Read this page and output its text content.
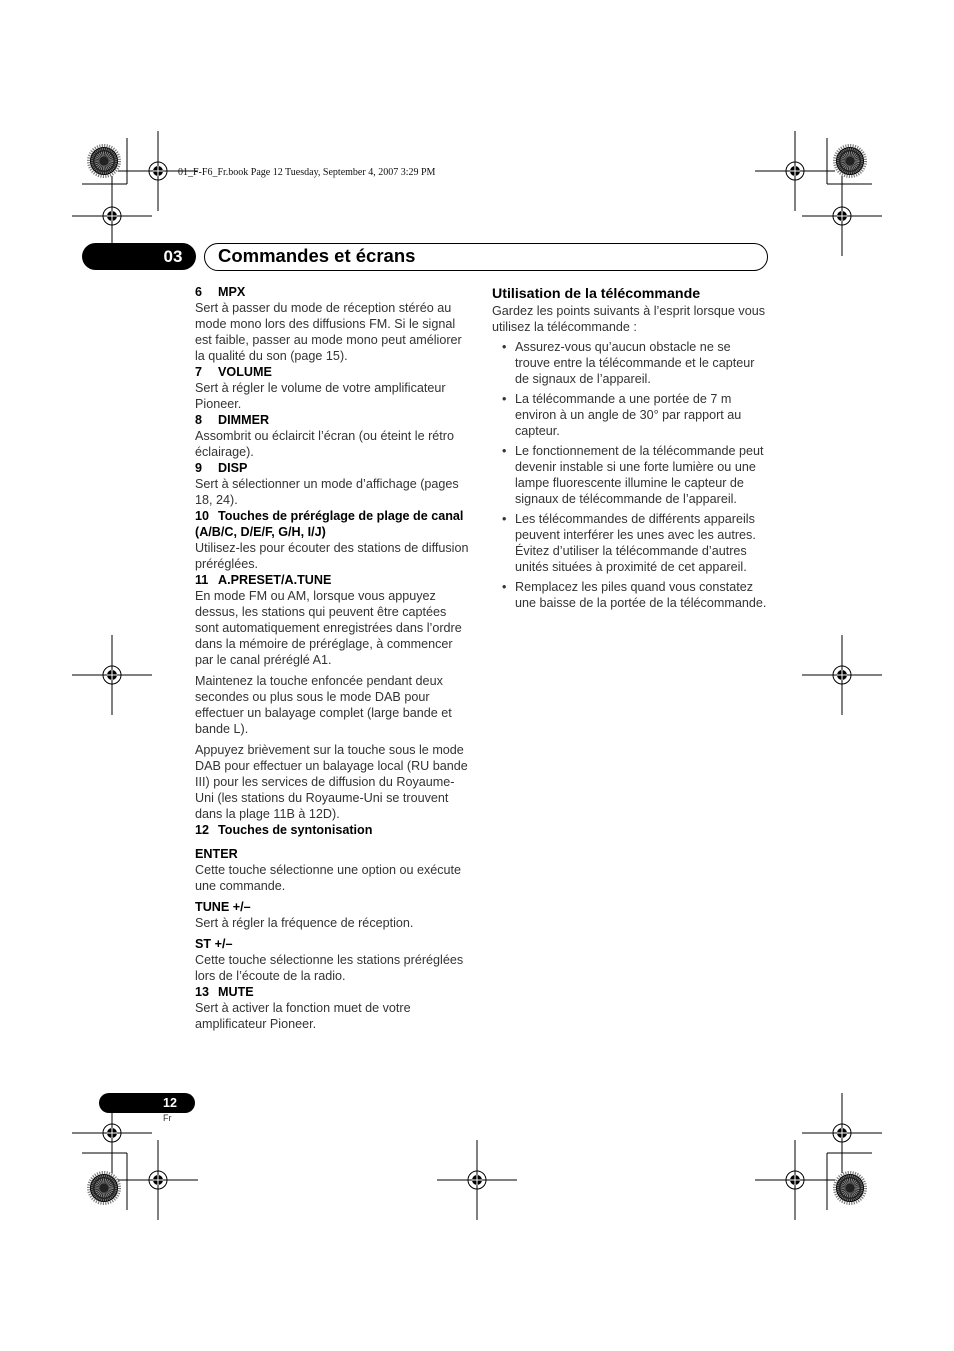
01_F-F6_Fr.book Page 12 Tuesday, September 4, 2007 3:29 PM
03	Commandes et écrans
6 MPX

Sert à passer du mode de réception stéréo au mode mono lors des diffusions FM. Si le signal est faible, passer au mode mono peut améliorer la qualité du son (page 15).

7 VOLUME

Sert à régler le volume de votre amplificateur Pioneer.

8 DIMMER

Assombrit ou éclaircit l’écran (ou éteint le rétro éclairage).

9 DISP

Sert à sélectionner un mode d’affichage (pages 18, 24).

10 Touches de préréglage de plage de canal (A/B/C, D/E/F, G/H, I/J)

Utilisez-les pour écouter des stations de diffusion préréglées.

11 A.PRESET/A.TUNE

En mode FM ou AM, lorsque vous appuyez dessus, les stations qui peuvent être captées sont automatiquement enregistrées dans l’ordre dans la mémoire de préréglage, à commencer par le canal préréglé A1.

Maintenez la touche enfoncée pendant deux secondes ou plus sous le mode DAB pour effectuer un balayage complet (large bande et bande L).

Appuyez brièvement sur la touche sous le mode DAB pour effectuer un balayage local (RU bande III) pour les services de diffusion du Royaume-Uni (les stations du Royaume-Uni se trouvent dans la plage 11B à 12D).

12 Touches de syntonisation
ENTER

Cette touche sélectionne une option ou exécute une commande.

TUNE +/–

Sert à régler la fréquence de réception.

ST +/–

Cette touche sélectionne les stations préréglées lors de l’écoute de la radio.

13 MUTE

Sert à activer la fonction muet de votre amplificateur Pioneer.

Utilisation de la télécommande

Gardez les points suivants à l’esprit lorsque vous utilisez la télécommande :

• Assurez-vous qu’aucun obstacle ne se trouve entre la télécommande et le capteur de signaux de l’appareil.
• La télécommande a une portée de 7 m environ à un angle de 30° par rapport au capteur.
• Le fonctionnement de la télécommande peut devenir instable si une forte lumière ou une lampe fluorescente illumine le capteur de signaux de télécommande de l’appareil.
• Les télécommandes de différents appareils peuvent interférer les unes avec les autres. Évitez d’utiliser la télécommande d’autres unités situées à proximité de cet appareil.
• Remplacez les piles quand vous constatez une baisse de la portée de la télécommande.
12
Fr
